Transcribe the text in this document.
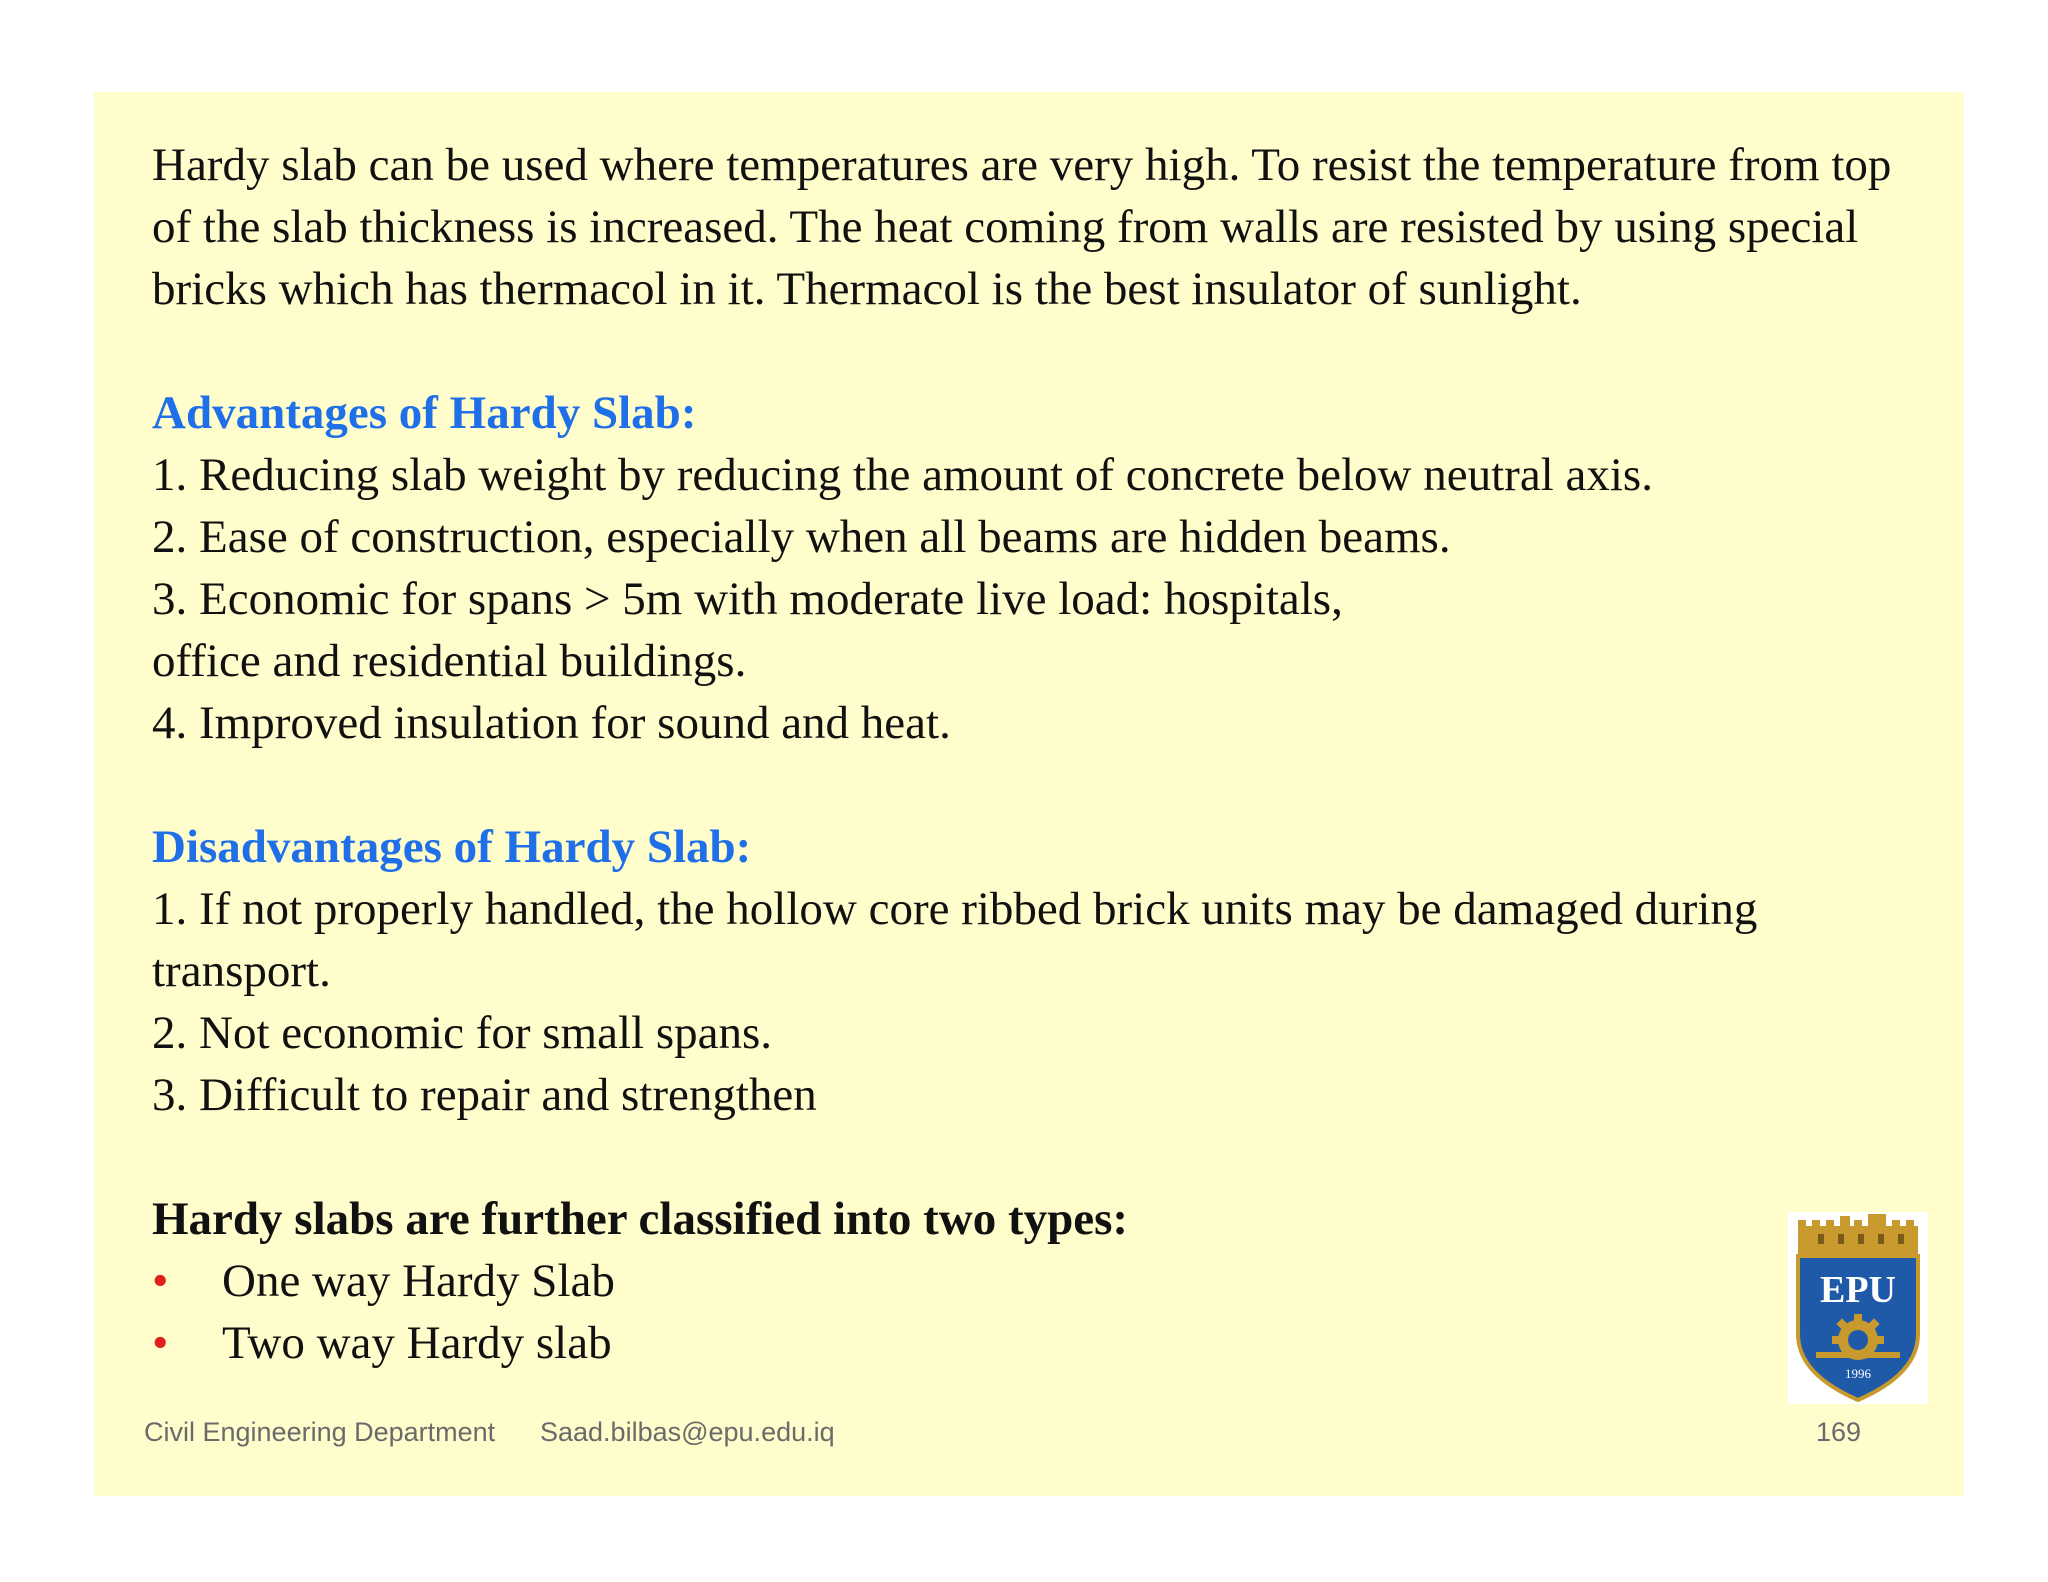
Hardy slab can be used where temperatures are very high. To resist the temperature from top of the slab thickness is increased. The heat coming from walls are resisted by using special bricks which has thermacol in it. Thermacol is the best insulator of sunlight.

Advantages of Hardy Slab:

1. Reducing slab weight by reducing the amount of concrete below neutral axis.

2. Ease of construction, especially when all beams are hidden beams.

3. Economic for spans > 5m with moderate live load: hospitals, office and residential buildings.

4. Improved insulation for sound and heat.

Disadvantages of Hardy Slab:

1. If not properly handled, the hollow core ribbed brick units may be damaged during transport.

2. Not economic for small spans.

3. Difficult to repair and strengthen

Hardy slabs are further classified into two types:

• One way Hardy Slab

• Two way Hardy slab

EPU
1996
Civil Engineering Department Saad.bilbas@epu.edu.iq	169
